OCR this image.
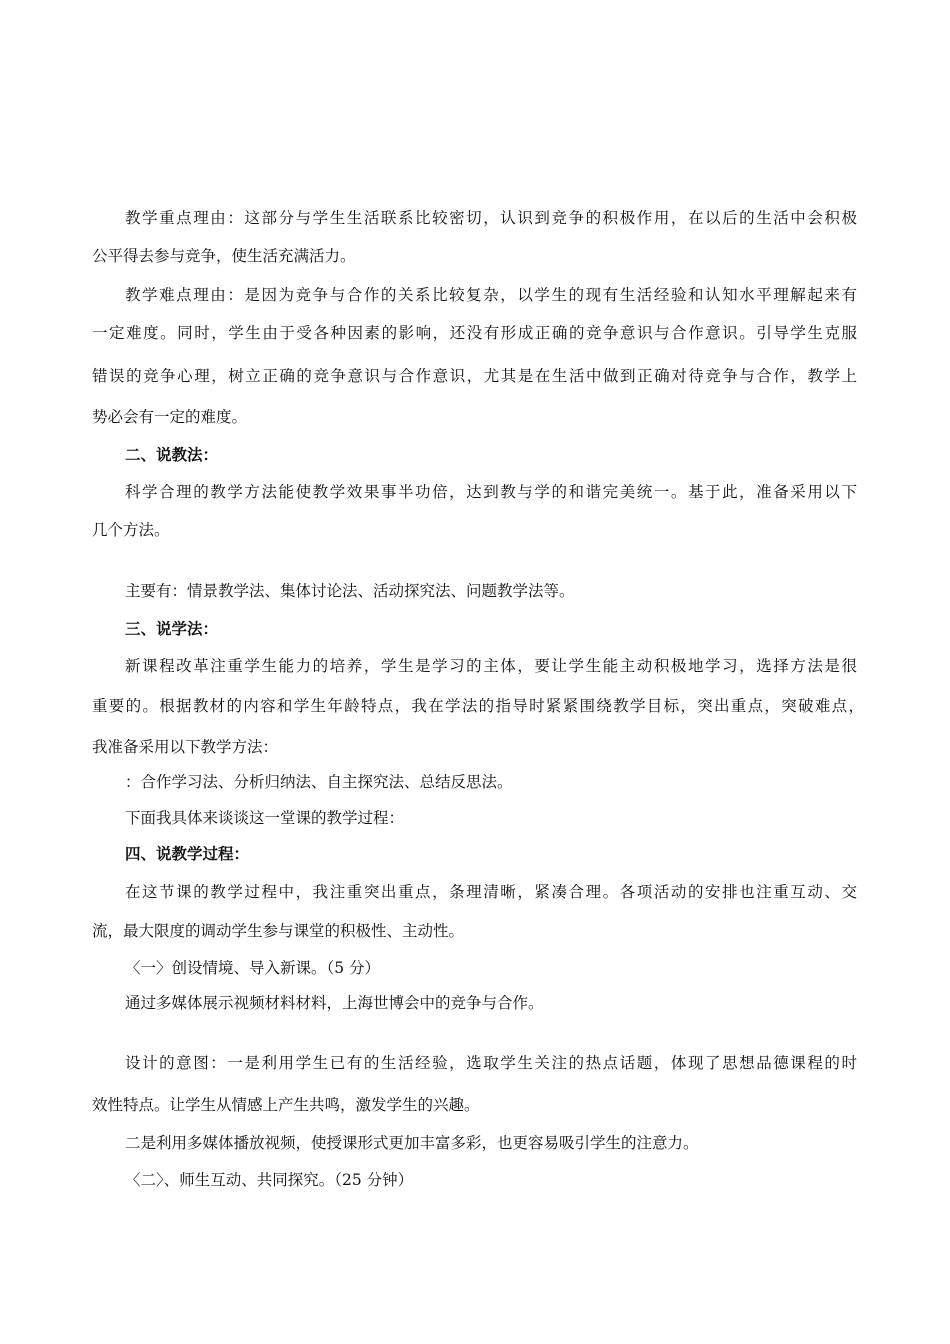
教学重点理由：这部分与学生生活联系比较密切，认识到竞争的积极作用，在以后的生活中会积极
公平得去参与竞争，使生活充满活力。
教学难点理由：是因为竞争与合作的关系比较复杂，以学生的现有生活经验和认知水平理解起来有
一定难度。同时，学生由于受各种因素的影响，还没有形成正确的竞争意识与合作意识。引导学生克服
错误的竞争心理，树立正确的竞争意识与合作意识，尤其是在生活中做到正确对待竞争与合作，教学上
势必会有一定的难度。
二、说教法：
科学合理的教学方法能使教学效果事半功倍，达到教与学的和谐完美统一。基于此，准备采用以下
几个方法。
主要有：情景教学法、集体讨论法、活动探究法、问题教学法等。
三、说学法：
新课程改革注重学生能力的培养，学生是学习的主体，要让学生能主动积极地学习，选择方法是很
重要的。根据教材的内容和学生年龄特点，我在学法的指导时紧紧围绕教学目标，突出重点，突破难点，
我准备采用以下教学方法：
：合作学习法、分析归纳法、自主探究法、总结反思法。
下面我具体来谈谈这一堂课的教学过程：
四、说教学过程：
在这节课的教学过程中，我注重突出重点，条理清晰，紧凑合理。各项活动的安排也注重互动、交
流，最大限度的调动学生参与课堂的积极性、主动性。
〈一〉创设情境、导入新课。（5 分）
通过多媒体展示视频材料材料，上海世博会中的竞争与合作。
设计的意图：一是利用学生已有的生活经验，选取学生关注的热点话题，体现了思想品德课程的时
效性特点。让学生从情感上产生共鸣，激发学生的兴趣。
二是利用多媒体播放视频，使授课形式更加丰富多彩，也更容易吸引学生的注意力。
〈二〉、师生互动、共同探究。（25 分钟）
